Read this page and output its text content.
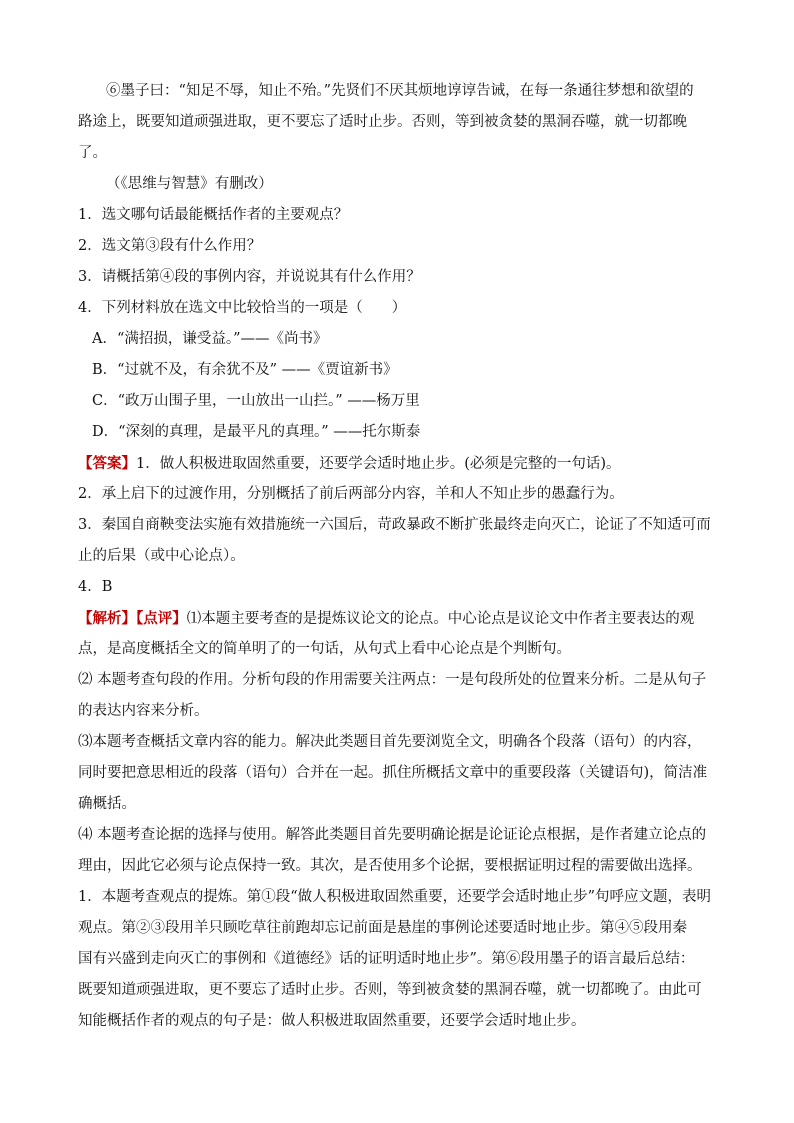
⑥墨子曰：“知足不辱，知止不殆。”先贤们不厌其烦地谆谆告诫，在每一条通往梦想和欲望的
路途上，既要知道顽强进取，更不要忘了适时止步。否则，等到被贪婪的黑洞吞噬，就一切都晚
了。
（《思维与智慧》有删改）
1．选文哪句话最能概括作者的主要观点？
2．选文第③段有什么作用？
3．请概括第④段的事例内容，并说说其有什么作用？
4．下列材料放在选文中比较恰当的一项是（　　）
A．“满招损，谦受益。”——《尚书》
B．“过就不及，有余犹不及” ——《贾谊新书》
C．“政万山围子里，一山放出一山拦。” ——杨万里
D．“深刻的真理，是最平凡的真理。” ——托尔斯泰
【答案】1．做人积极进取固然重要，还要学会适时地止步。(必须是完整的一句话)。
2．承上启下的过渡作用，分别概括了前后两部分内容，羊和人不知止步的愚蠢行为。
3．秦国自商鞅变法实施有效措施统一六国后，苛政暴政不断扩张最终走向灭亡，论证了不知适可而
止的后果（或中心论点）。
4．B
【解析】【点评】⑴本题主要考查的是提炼议论文的论点。中心论点是议论文中作者主要表达的观
点，是高度概括全文的简单明了的一句话，从句式上看中心论点是个判断句。
⑵ 本题考查句段的作用。分析句段的作用需要关注两点：一是句段所处的位置来分析。二是从句子
的表达内容来分析。
⑶本题考查概括文章内容的能力。解决此类题目首先要浏览全文，明确各个段落（语句）的内容，
同时要把意思相近的段落（语句）合并在一起。抓住所概括文章中的重要段落（关键语句)，简洁准
确概括。
⑷ 本题考查论据的选择与使用。解答此类题目首先要明确论据是论证论点根据，是作者建立论点的
理由，因此它必须与论点保持一致。其次，是否使用多个论据，要根据证明过程的需要做出选择。
1．本题考查观点的提炼。第①段“做人积极进取固然重要，还要学会适时地止步”句呼应文题，表明
观点。第②③段用羊只顾吃草往前跑却忘记前面是悬崖的事例论述要适时地止步。第④⑤段用秦
国有兴盛到走向灭亡的事例和《道德经》话的证明适时地止步”。第⑥段用墨子的语言最后总结：
既要知道顽强进取，更不要忘了适时止步。否则，等到被贪婪的黑洞吞噬，就一切都晚了。由此可
知能概括作者的观点的句子是：做人积极进取固然重要，还要学会适时地止步。
